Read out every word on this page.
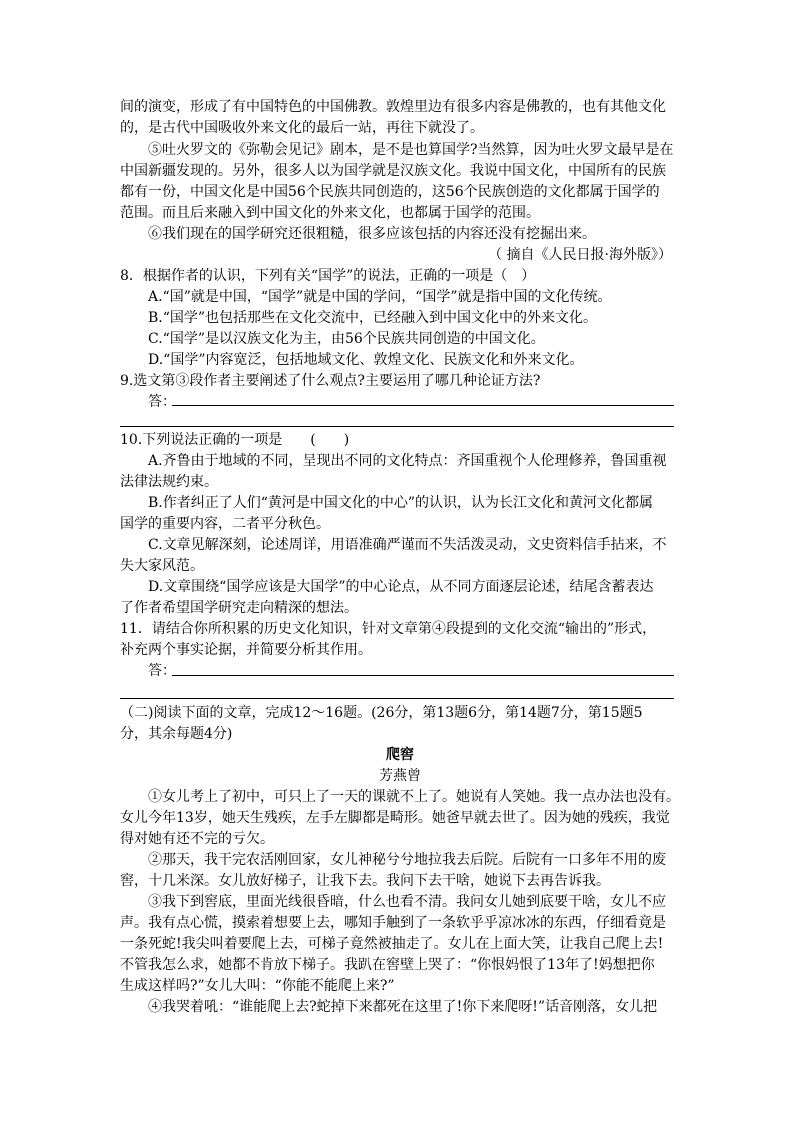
间的演变，形成了有中国特色的中国佛教。敦煌里边有很多内容是佛教的，也有其他文化
的，是古代中国吸收外来文化的最后一站，再往下就没了。
⑤吐火罗文的《弥勒会见记》剧本，是不是也算国学?当然算，因为吐火罗文最早是在
中国新疆发现的。另外，很多人以为国学就是汉族文化。我说中国文化，中国所有的民族
都有一份，中国文化是中国56个民族共同创造的，这56个民族创造的文化都属于国学的
范围。而且后来融入到中国文化的外来文化，也都属于国学的范围。
⑥我们现在的国学研究还很粗糙，很多应该包括的内容还没有挖掘出来。
（ 摘自《人民日报·海外版》）
8．根据作者的认识，下列有关“国学”的说法，正确的一项是（　）
A.“国”就是中国，“国学”就是中国的学问，“国学”就是指中国的文化传统。
B.“国学”也包括那些在文化交流中，已经融入到中国文化中的外来文化。
C.“国学”是以汉族文化为主，由56个民族共同创造的中国文化。
D.“国学”内容宽泛，包括地域文化、敦煌文化、民族文化和外来文化。
9.选文第③段作者主要阐述了什么观点?主要运用了哪几种论证方法?
答：
10.下列说法正确的一项是　　(　　)
A.齐鲁由于地域的不同，呈现出不同的文化特点：齐国重视个人伦理修养，鲁国重视
法律法规约束。
B.作者纠正了人们“黄河是中国文化的中心”的认识，认为长江文化和黄河文化都属
国学的重要内容，二者平分秋色。
C.文章见解深刻，论述周详，用语准确严谨而不失活泼灵动，文史资料信手拈来，不
失大家风范。
D.文章围绕“国学应该是大国学”的中心论点，从不同方面逐层论述，结尾含蓄表达
了作者希望国学研究走向精深的想法。
11．请结合你所积累的历史文化知识，针对文章第④段提到的文化交流“输出的”形式，
补充两个事实论据，并简要分析其作用。
答：
（二)阅读下面的文章，完成12～16题。(26分，第13题6分，第14题7分，第15题5
分，其余每题4分)
爬窖
芳燕曾
①女儿考上了初中，可只上了一天的课就不上了。她说有人笑她。我一点办法也没有。
女儿今年13岁，她天生残疾，左手左脚都是畸形。她爸早就去世了。因为她的残疾，我觉
得对她有还不完的亏欠。
②那天，我干完农活刚回家，女儿神秘兮兮地拉我去后院。后院有一口多年不用的废
窖，十几米深。女儿放好梯子，让我下去。我问下去干啥，她说下去再告诉我。
③我下到窖底，里面光线很昏暗，什么也看不清。我问女儿她到底要干啥，女儿不应
声。我有点心慌，摸索着想要上去，哪知手触到了一条软乎乎凉冰冰的东西，仔细看竟是
一条死蛇!我尖叫着要爬上去，可梯子竟然被抽走了。女儿在上面大笑，让我自己爬上去!
不管我怎么求，她都不肯放下梯子。我趴在窖壁上哭了：“你恨妈恨了13年了!妈想把你
生成这样吗?”女儿大叫：“你能不能爬上来?”
④我哭着吼：“谁能爬上去?蛇掉下来都死在这里了!你下来爬呀!”话音刚落，女儿把
